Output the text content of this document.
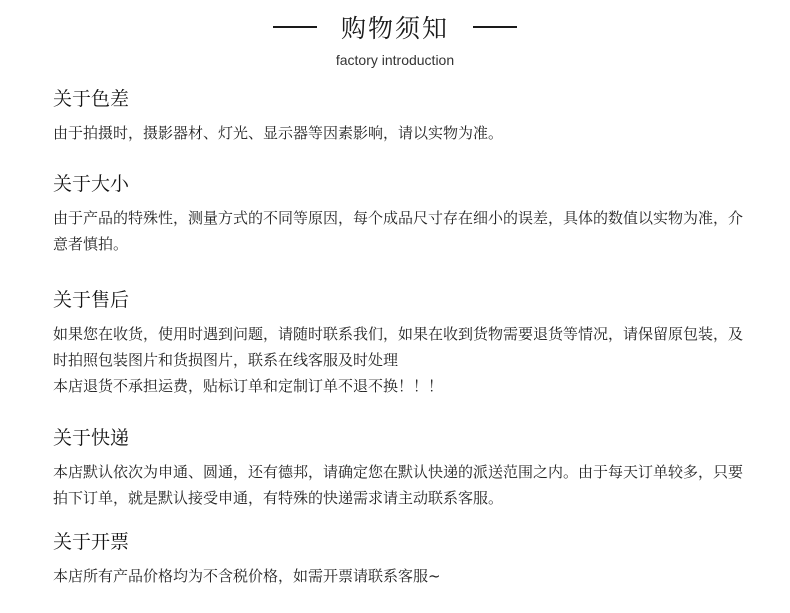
购物须知
factory introduction
关于色差

由于拍摄时，摄影器材、灯光、显示器等因素影响，请以实物为准。

关于大小

由于产品的特殊性，测量方式的不同等原因，每个成品尺寸存在细小的误差，具体的数值以实物为准，介意者慎拍。

关于售后

如果您在收货，使用时遇到问题，请随时联系我们，如果在收到货物需要退货等情况，请保留原包装，及时拍照包装图片和货损图片，联系在线客服及时处理

本店退货不承担运费，贴标订单和定制订单不退不换！！！

关于快递

本店默认依次为申通、圆通，还有德邦，请确定您在默认快递的派送范围之内。由于每天订单较多，只要拍下订单，就是默认接受申通，有特殊的快递需求请主动联系客服。

关于开票

本店所有产品价格均为不含税价格，如需开票请联系客服~
